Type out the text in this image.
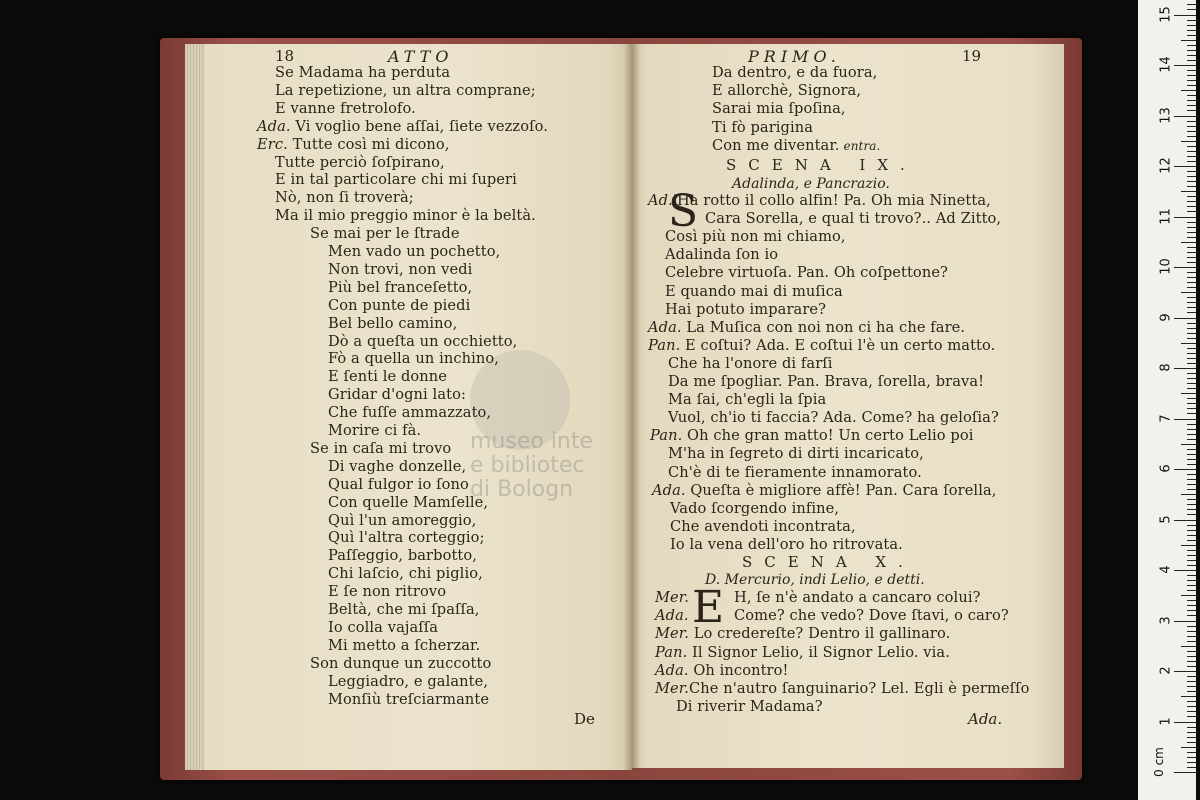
museo inte
e bibliotec
di Bologn
18	ATTO
Se Madama ha perduta
La repetizione, un altra comprane;
E vanne fretrolofo.
Ada. Vi voglio bene aſſai, ſiete vezzoſo.
Erc. Tutte così mi dicono,
Tutte perciò ſoſpirano,
E in tal particolare chi mi ſuperi
Nò, non ſi troverà;
Ma il mio preggio minor è la beltà.
Se mai per le ſtrade
Men vado un pochetto,
Non trovi, non vedi
Più bel franceſetto,
Con punte de piedi
Bel bello camino,
Dò a queſta un occhietto,
Fò a quella un inchino,
E ſenti le donne
Gridar d'ogni lato:
Che fuſſe ammazzato,
Morire ci fà.
Se in caſa mi trovo
Di vaghe donzelle,
Qual fulgor io ſono
Con quelle Mamſelle,
Quì l'un amoreggio,
Quì l'altra corteggio;
Paſſeggio, barbotto,
Chi laſcio, chi piglio,
E ſe non ritrovo
Beltà, che mi ſpaſſa,
Io colla vajaſſa
Mi metto a ſcherzar.
Son dunque un zuccotto
Leggiadro, e galante,
Monſiù treſciarmante
De
PRIMO.	19
Da dentro, e da fuora,
E allorchè, Signora,
Sarai mia ſpoſina,
Ti fò parigina
Con me diventar. entra.
Ad.'Ha rotto il collo alfin! Pa. Oh mia Ninetta,
Cara Sorella, e qual ti trovo?.. Ad Zitto,
Così più non mi chiamo,
Adalinda ſon io
Celebre virtuoſa. Pan. Oh coſpettone?
E quando mai di muſica
Hai potuto imparare?
Ada. La Muſica con noi non ci ha che fare.
Pan. E coſtui? Ada. E coſtui l'è un certo matto.
Che ha l'onore di farſi
Da me ſpogliar. Pan. Brava, ſorella, brava!
Ma ſai, ch'egli la ſpia
Vuol, ch'io ti faccia? Ada. Come? ha geloſia?
Pan. Oh che gran matto! Un certo Lelio poi
M'ha in ſegreto di dirti incaricato,
Ch'è di te fieramente innamorato.
Ada. Queſta è migliore affè! Pan. Cara ſorella,
Vado ſcorgendo infine,
Che avendoti incontrata,
Io la vena dell'oro ho ritrovata.
Mer.	H, ſe n'è andato a cancaro colui?
Ada.	Come? che vedo? Dove ſtavi, o caro?
Mer. Lo credereſte? Dentro il gallinaro.
Pan. Il Signor Lelio, il Signor Lelio. via.
Ada. Oh incontro!
Mer.Che n'autro ſanguinario? Lel. Egli è permeſſo
Di riverir Madama?
SCENA IX.
Adalinda, e Pancrazio.
S
SCENA X.
D. Mercurio, indi Lelio, e detti.
E
Ada.
0 cm
1
2
3
4
5
6
7
8
9
10
11
12
13
14
15
